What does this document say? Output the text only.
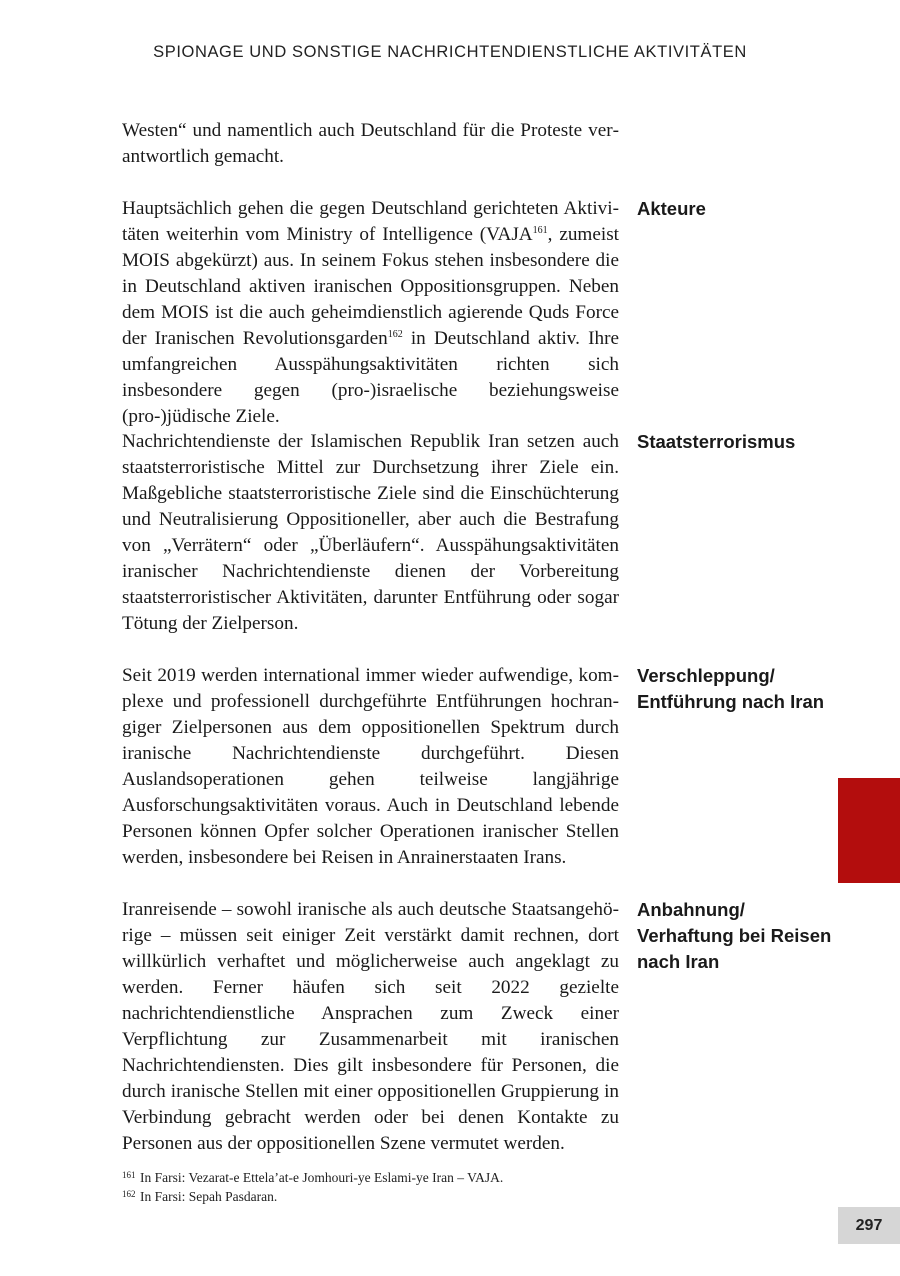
SPIONAGE UND SONSTIGE NACHRICHTENDIENSTLICHE AKTIVITÄTEN
Westen“ und namentlich auch Deutschland für die Proteste verantwortlich gemacht.
Hauptsächlich gehen die gegen Deutschland gerichteten Aktivitäten weiterhin vom Ministry of Intelligence (VAJA$^{161}$, zumeist MOIS abgekürzt) aus. In seinem Fokus stehen insbesondere die in Deutschland aktiven iranischen Oppositionsgruppen. Neben dem MOIS ist die auch geheimdienstlich agierende Quds Force der Iranischen Revolutionsgarden$^{162}$ in Deutschland aktiv. Ihre umfangreichen Ausspähungsaktivitäten richten sich insbesondere gegen (pro-)israelische beziehungsweise (pro-)jüdische Ziele.
Akteure
Nachrichtendienste der Islamischen Republik Iran setzen auch staatsterroristische Mittel zur Durchsetzung ihrer Ziele ein. Maßgebliche staatsterroristische Ziele sind die Einschüchterung und Neutralisierung Oppositioneller, aber auch die Bestrafung von „Verrätern“ oder „Überläufern“. Ausspähungsaktivitäten iranischer Nachrichtendienste dienen der Vorbereitung staatsterroristischer Aktivitäten, darunter Entführung oder sogar Tötung der Zielperson.
Staatsterrorismus
Seit 2019 werden international immer wieder aufwendige, komplexe und professionell durchgeführte Entführungen hochrangiger Zielpersonen aus dem oppositionellen Spektrum durch iranische Nachrichtendienste durchgeführt. Diesen Auslandsoperationen gehen teilweise langjährige Ausforschungsaktivitäten voraus. Auch in Deutschland lebende Personen können Opfer solcher Operationen iranischer Stellen werden, insbesondere bei Reisen in Anrainerstaaten Irans.
Verschleppung/
Entführung nach Iran
Iranreisende – sowohl iranische als auch deutsche Staatsangehörige – müssen seit einiger Zeit verstärkt damit rechnen, dort willkürlich verhaftet und möglicherweise auch angeklagt zu werden. Ferner häufen sich seit 2022 gezielte nachrichtendienstliche Ansprachen zum Zweck einer Verpflichtung zur Zusammenarbeit mit iranischen Nachrichtendiensten. Dies gilt insbesondere für Personen, die durch iranische Stellen mit einer oppositionellen Gruppierung in Verbindung gebracht werden oder bei denen Kontakte zu Personen aus der oppositionellen Szene vermutet werden.
Anbahnung/
Verhaftung bei Reisen
nach Iran
161 In Farsi: Vezarat-e Ettela’at-e Jomhouri-ye Eslami-ye Iran – VAJA.
162 In Farsi: Sepah Pasdaran.
297
